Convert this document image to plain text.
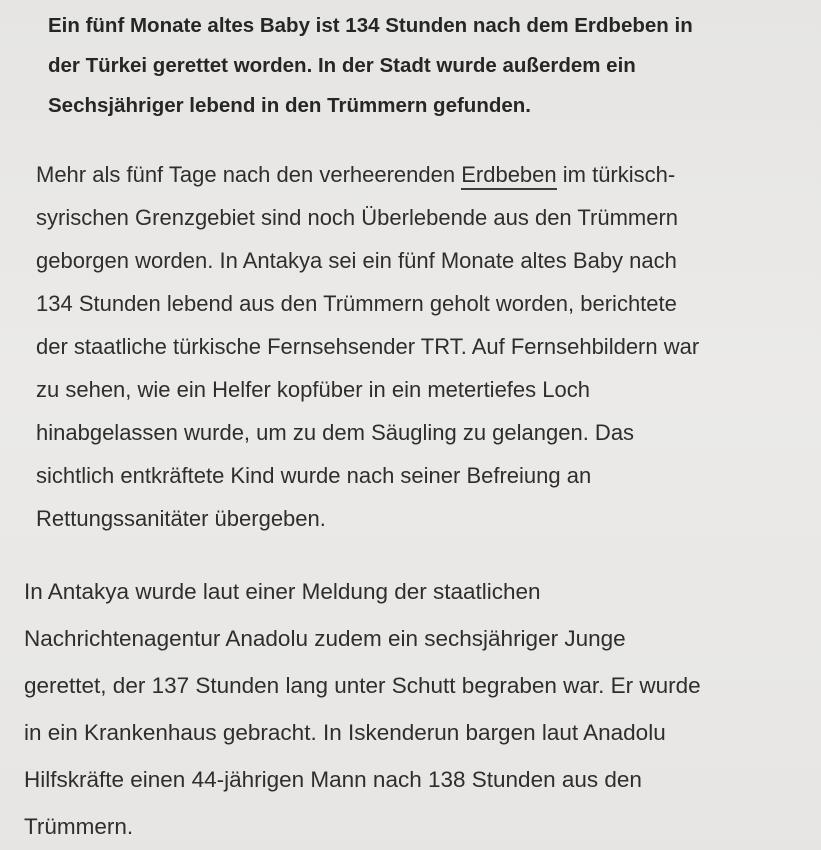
Ein fünf Monate altes Baby ist 134 Stunden nach dem Erdbeben in
der Türkei gerettet worden. In der Stadt wurde außerdem ein
Sechsjähriger lebend in den Trümmern gefunden.
Mehr als fünf Tage nach den verheerenden Erdbeben im türkisch-
syrischen Grenzgebiet sind noch Überlebende aus den Trümmern
geborgen worden. In Antakya sei ein fünf Monate altes Baby nach
134 Stunden lebend aus den Trümmern geholt worden, berichtete
der staatliche türkische Fernsehsender TRT. Auf Fernsehbildern war
zu sehen, wie ein Helfer kopfüber in ein metertiefes Loch
hinabgelassen wurde, um zu dem Säugling zu gelangen. Das
sichtlich entkräftete Kind wurde nach seiner Befreiung an
Rettungssanitäter übergeben.
In Antakya wurde laut einer Meldung der staatlichen
Nachrichtenagentur Anadolu zudem ein sechsjähriger Junge
gerettet, der 137 Stunden lang unter Schutt begraben war. Er wurde
in ein Krankenhaus gebracht. In Iskenderun bargen laut Anadolu
Hilfskräfte einen 44-jährigen Mann nach 138 Stunden aus den
Trümmern.
